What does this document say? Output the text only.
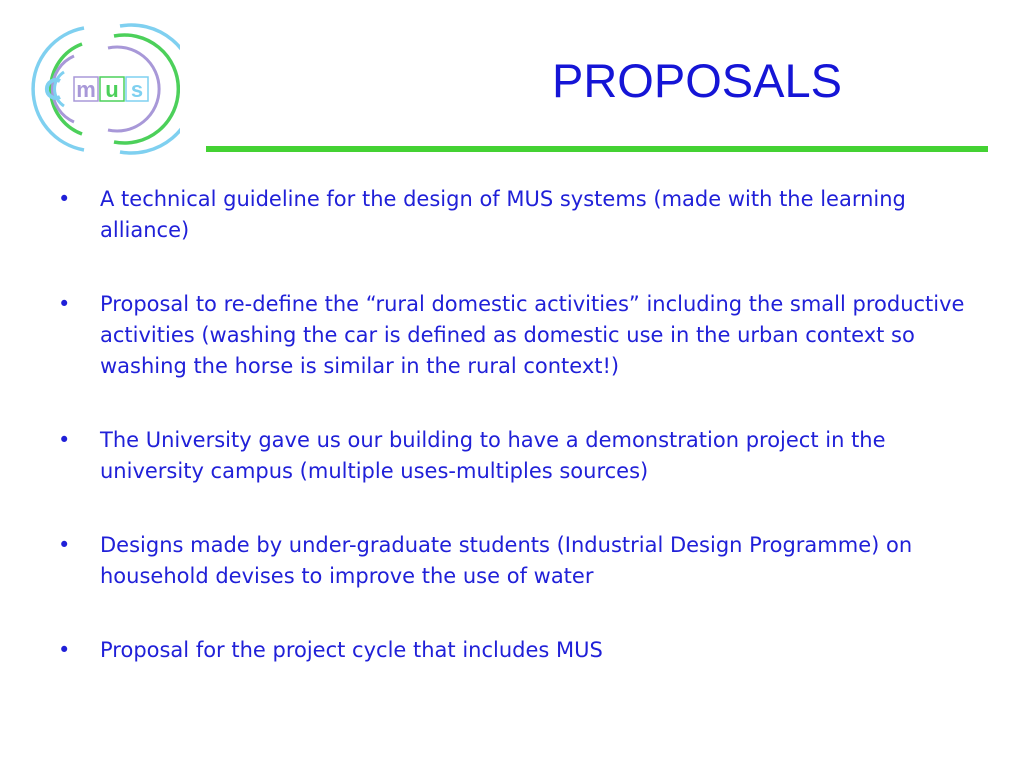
m u s	PROPOSALS
•	A technical guideline for the design of MUS systems (made with the learning alliance)
•	Proposal to re-define the “rural domestic activities” including the small productive activities (washing the car is defined as domestic use in the urban context so washing the horse is similar in the rural context!)
•	The University gave us our building to have a demonstration project in the university campus (multiple uses-multiples sources)
•	Designs made by under-graduate students (Industrial Design Programme) on household devises to improve the use of water
•	Proposal for the project cycle that includes MUS
